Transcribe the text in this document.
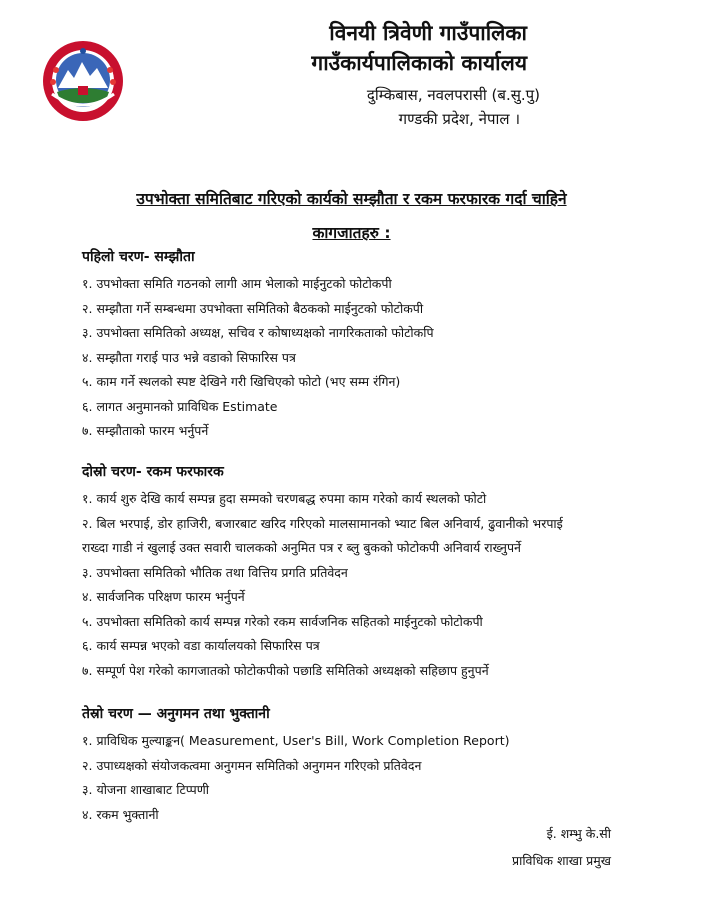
विनयी त्रिवेणी गाउँपालिका
गाउँकार्यपालिकाको कार्यालय
दुम्किबास, नवलपरासी (ब.सु.पु)
गण्डकी प्रदेश, नेपाल ।
उपभोक्ता समितिबाट गरिएको कार्यको सम्झौता र रकम फरफारक गर्दा चाहिने
कागजातहरु :
पहिलो चरण- सम्झौता
१. उपभोक्ता समिति गठनको लागी आम भेलाको माईनुटको फोटोकपी
२. सम्झौता गर्ने सम्बन्धमा उपभोक्ता समितिको बैठकको माईनुटको फोटोकपी
३. उपभोक्ता समितिको अध्यक्ष, सचिव र कोषाध्यक्षको नागरिकताको फोटोकपि
४. सम्झौता गराई पाउ भन्ने वडाको सिफारिस पत्र
५. काम गर्ने स्थलको स्पष्ट देखिने गरी खिचिएको फोटो (भए सम्म रंगिन)
६. लागत अनुमानको प्राविधिक Estimate
७. सम्झौताको फारम भर्नुपर्ने
दोस्रो चरण- रकम फरफारक
१. कार्य शुरु देखि कार्य सम्पन्न हुदा सम्मको चरणबद्ध रुपमा काम गरेको कार्य स्थलको फोटो
२. बिल भरपाई, डोर हाजिरी, बजारबाट खरिद गरिएको मालसामानको भ्याट बिल अनिवार्य, ढुवानीको भरपाई
राख्दा गाडी नं खुलाई उक्त सवारी चालकको अनुमित पत्र र ब्लु बुकको फोटोकपी अनिवार्य राख्नुपर्ने
३. उपभोक्ता समितिको भौतिक तथा वित्तिय प्रगति प्रतिवेदन
४. सार्वजनिक परिक्षण फारम भर्नुपर्ने
५. उपभोक्ता समितिको कार्य सम्पन्न गरेको रकम सार्वजनिक सहितको माईनुटको फोटोकपी
६. कार्य सम्पन्न भएको वडा कार्यालयको सिफारिस पत्र
७. सम्पूर्ण पेश गरेको कागजातको फोटोकपीको पछाडि समितिको अध्यक्षको सहिछाप हुनुपर्ने
तेस्रो चरण — अनुगमन तथा भुक्तानी
१. प्राविधिक मुल्याङ्कन( Measurement, User's Bill, Work Completion Report)
२. उपाध्यक्षको संयोजकत्वमा अनुगमन समितिको अनुगमन गरिएको प्रतिवेदन
३. योजना शाखाबाट टिप्पणी
४. रकम भुक्तानी
ई. शम्भु के.सी
प्राविधिक शाखा प्रमुख
